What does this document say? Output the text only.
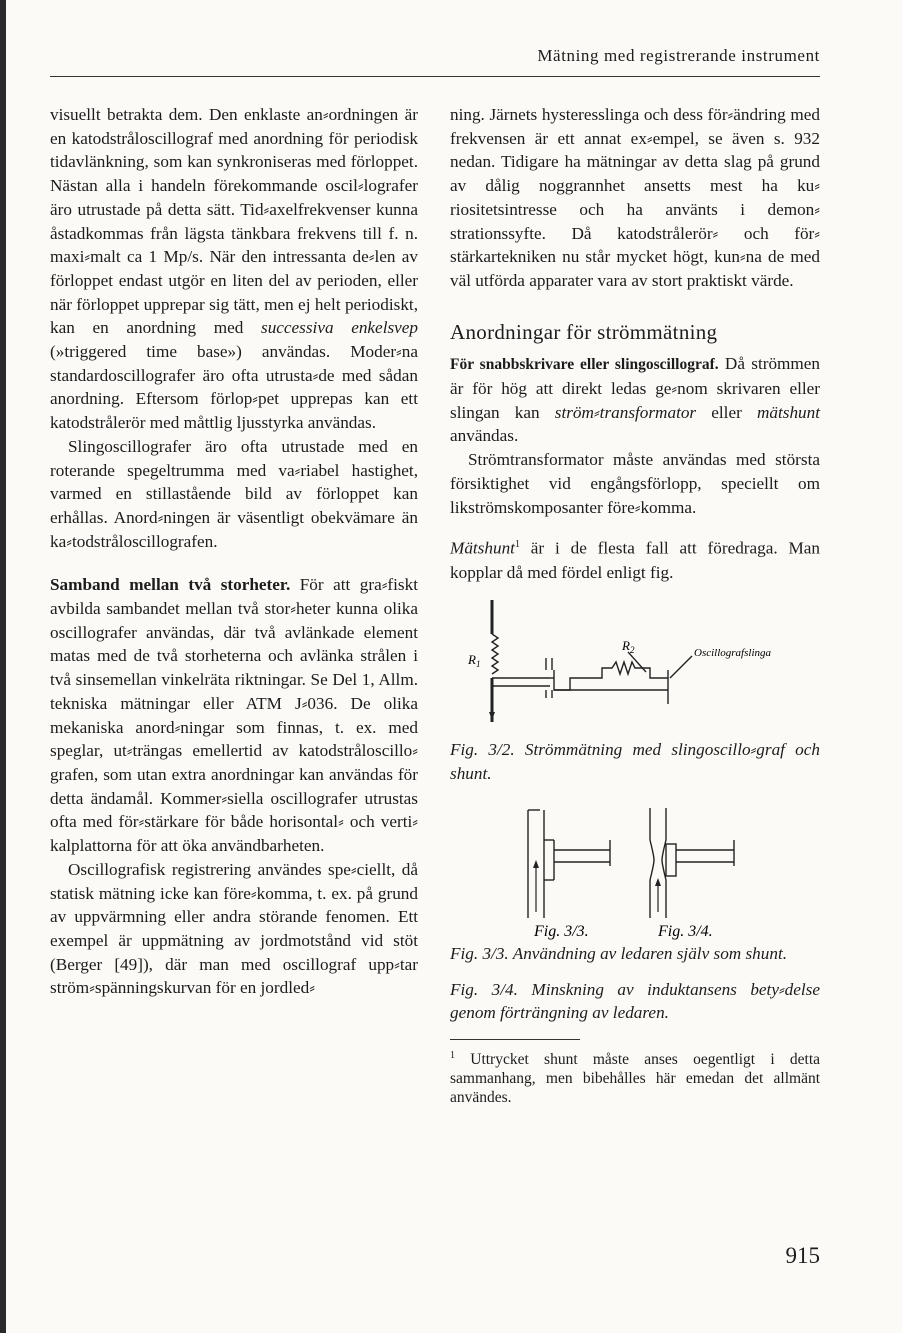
Mätning med registrerande instrument

visuellt betrakta dem. Den enklaste an⸗ordningen är en katodstråloscillograf med anordning för periodisk tidavlänkning, som kan synkroniseras med förloppet. Nästan alla i handeln förekommande oscil⸗lografer äro utrustade på detta sätt. Tid⸗axelfrekvenser kunna åstadkommas från lägsta tänkbara frekvens till f. n. maxi⸗malt ca 1 Mp/s. När den intressanta de⸗len av förloppet endast utgör en liten del av perioden, eller när förloppet upprepar sig tätt, men ej helt periodiskt, kan en anordning med successiva enkelsvep (»triggered time base») användas. Moder⸗na standardoscillografer äro ofta utrusta⸗de med sådan anordning. Eftersom förlop⸗pet upprepas kan ett katodstrålerör med måttlig ljusstyrka användas.

Slingoscillografer äro ofta utrustade med en roterande spegeltrumma med va⸗riabel hastighet, varmed en stillastående bild av förloppet kan erhållas. Anord⸗ningen är väsentligt obekvämare än ka⸗todstråloscillografen.

Samband mellan två storheter. För att gra⸗fiskt avbilda sambandet mellan två stor⸗heter kunna olika oscillografer användas, där två avlänkade element matas med de två storheterna och avlänka strålen i två sinsemellan vinkelräta riktningar. Se Del 1, Allm. tekniska mätningar eller ATM J⸗036. De olika mekaniska anord⸗ningar som finnas, t. ex. med speglar, ut⸗trängas emellertid av katodstråloscillo⸗grafen, som utan extra anordningar kan användas för detta ändamål. Kommer⸗siella oscillografer utrustas ofta med för⸗stärkare för både horisontal⸗ och verti⸗kalplattorna för att öka användbarheten.

Oscillografisk registrering användes spe⸗ciellt, då statisk mätning icke kan före⸗komma, t. ex. på grund av uppvärmning eller andra störande fenomen. Ett exempel är uppmätning av jordmotstånd vid stöt (Berger [49]), där man med oscillograf upp⸗tar ström⸗spänningskurvan för en jordled⸗

ning. Järnets hysteresslinga och dess för⸗ändring med frekvensen är ett annat ex⸗empel, se även s. 932 nedan. Tidigare ha mätningar av detta slag på grund av dålig noggrannhet ansetts mest ha ku⸗riositetsintresse och ha använts i demon⸗strationssyfte. Då katodstrålerör⸗ och för⸗stärkartekniken nu står mycket högt, kun⸗na de med väl utförda apparater vara av stort praktiskt värde.

Anordningar för strömmätning

För snabbskrivare eller slingoscillograf. Då strömmen är för hög att direkt ledas ge⸗nom skrivaren eller slingan kan ström⸗transformator eller mätshunt användas.

Strömtransformator måste användas med största försiktighet vid engångsförlopp, speciellt om likströmskomposanter före⸗komma.

Mätshunt$^1$ är i de flesta fall att föredraga. Man kopplar då med fördel enligt fig.

$R_1$
$R_2$	Oscillografslinga

Fig. 3/2. Strömmätning med slingoscillo⸗graf och shunt.

Fig. 3/3.	Fig. 3/4.

Fig. 3/3. Användning av ledaren själv som shunt.

Fig. 3/4. Minskning av induktansens bety⸗delse genom förträngning av ledaren.

$^1$ Uttrycket shunt måste anses oegentligt i detta sammanhang, men bibehålles här emedan det allmänt användes.

915
